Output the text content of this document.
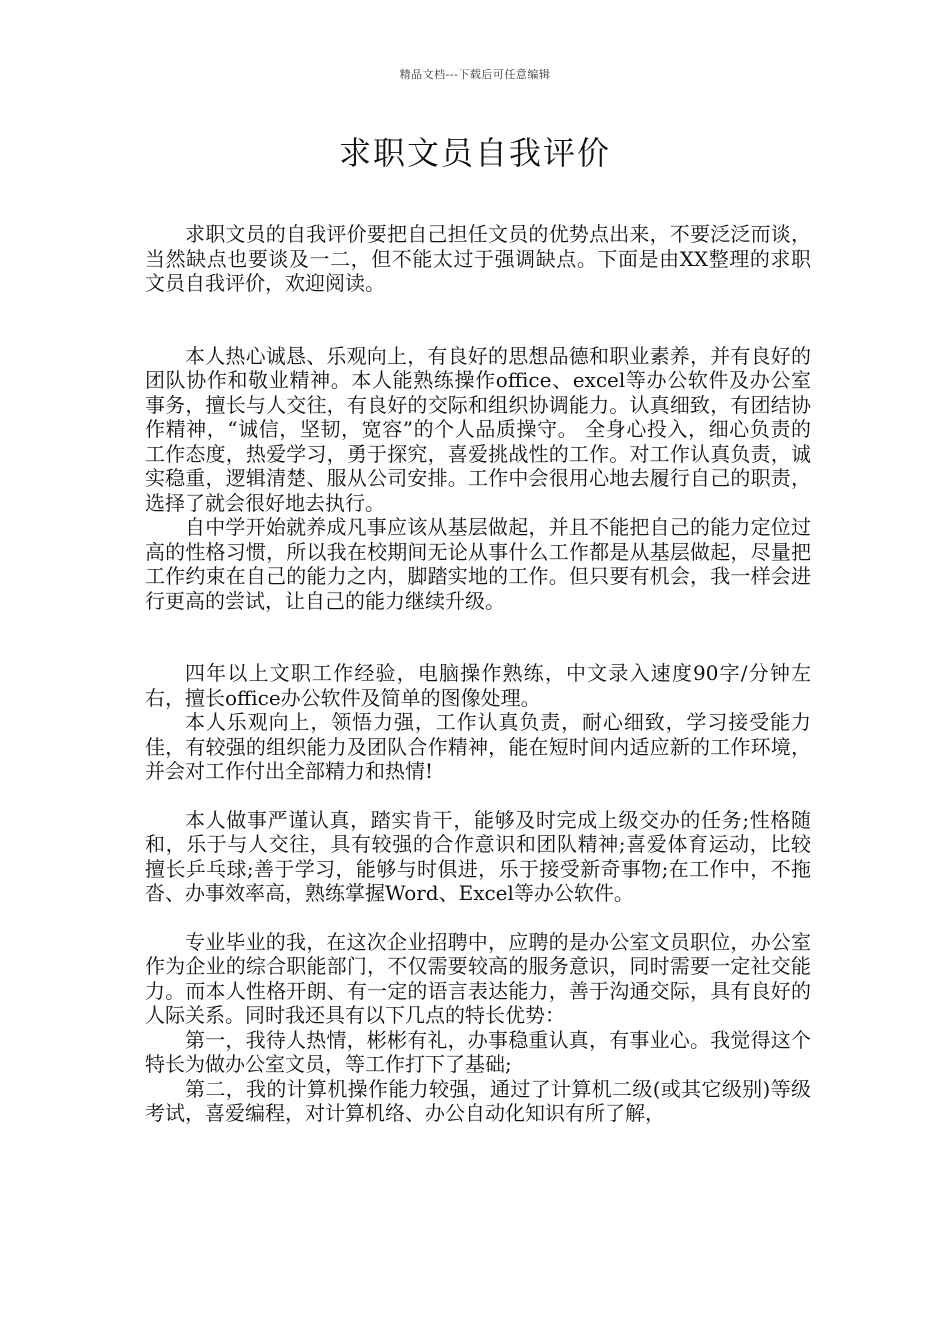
精品文档---下载后可任意编辑
求职文员自我评价

求职文员的自我评价要把自己担任文员的优势点出来，不要泛泛而谈，当然缺点也要谈及一二，但不能太过于强调缺点。下面是由XX整理的求职文员自我评价，欢迎阅读。

本人热心诚恳、乐观向上，有良好的思想品德和职业素养，并有良好的团队协作和敬业精神。本人能熟练操作office、excel等办公软件及办公室事务，擅长与人交往，有良好的交际和组织协调能力。认真细致，有团结协作精神，“诚信，坚韧，宽容”的个人品质操守。 全身心投入，细心负责的工作态度，热爱学习，勇于探究，喜爱挑战性的工作。对工作认真负责，诚实稳重，逻辑清楚、服从公司安排。工作中会很用心地去履行自己的职责，选择了就会很好地去执行。

自中学开始就养成凡事应该从基层做起，并且不能把自己的能力定位过高的性格习惯，所以我在校期间无论从事什么工作都是从基层做起，尽量把工作约束在自己的能力之内，脚踏实地的工作。但只要有机会，我一样会进行更高的尝试，让自己的能力继续升级。

四年以上文职工作经验，电脑操作熟练，中文录入速度90字/分钟左右，擅长office办公软件及简单的图像处理。

本人乐观向上，领悟力强，工作认真负责，耐心细致，学习接受能力佳，有较强的组织能力及团队合作精神，能在短时间内适应新的工作环境，并会对工作付出全部精力和热情!

本人做事严谨认真，踏实肯干，能够及时完成上级交办的任务;性格随和，乐于与人交往，具有较强的合作意识和团队精神;喜爱体育运动，比较擅长乒乓球;善于学习，能够与时俱进，乐于接受新奇事物;在工作中，不拖沓、办事效率高，熟练掌握Word、Excel等办公软件。

专业毕业的我，在这次企业招聘中，应聘的是办公室文员职位，办公室作为企业的综合职能部门，不仅需要较高的服务意识，同时需要一定社交能力。而本人性格开朗、有一定的语言表达能力，善于沟通交际，具有良好的人际关系。同时我还具有以下几点的特长优势：

第一，我待人热情，彬彬有礼，办事稳重认真，有事业心。我觉得这个特长为做办公室文员，等工作打下了基础;

第二，我的计算机操作能力较强，通过了计算机二级(或其它级别)等级考试，喜爱编程，对计算机络、办公自动化知识有所了解，
